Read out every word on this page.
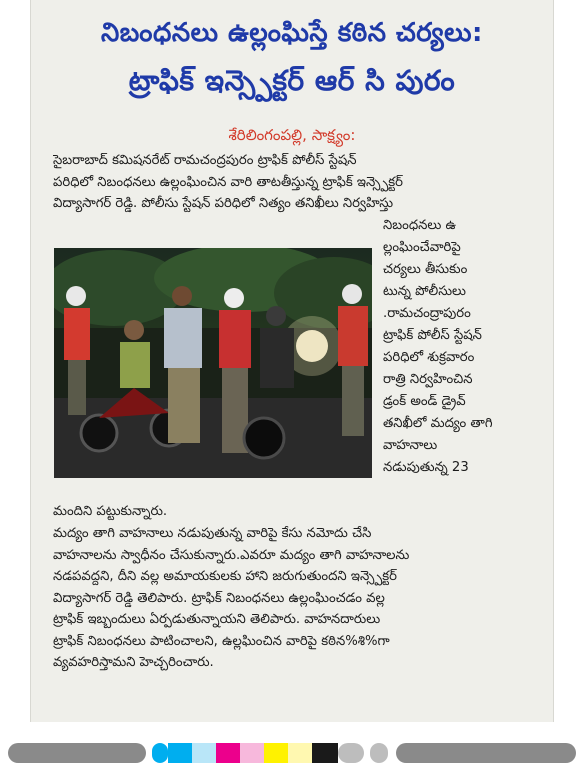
నిబంధనలు ఉల్లంఘిస్తే కఠిన చర్యలు:
ట్రాఫిక్ ఇన్స్పెక్టర్ ఆర్ సి పురం
శేరిలింగంపల్లి, సాక్ష్యం:
సైబరాబాద్ కమిషనరేట్ రామచంద్రపురం ట్రాఫిక్ పోలీస్ స్టేషన్
పరిధిలో నిబంధనలు ఉల్లంఘించిన వారి తాటతీస్తున్న ట్రాఫిక్ ఇన్స్పెక్టర్
విద్యాసాగర్ రెడ్డి. పోలీసు స్టేషన్ పరిధిలో నిత్యం తనిఖీలు నిర్వహిస్తు
నిబంధనలు ఉ
ల్లంఘించేవారిపై
చర్యలు తీసుకుం
టున్న పోలీసులు
.రామచంద్రాపురం
ట్రాఫిక్ పోలీస్ స్టేషన్
పరిధిలో శుక్రవారం
రాత్రి నిర్వహించిన
డ్రంక్ అండ్ డ్రైవ్
తనిఖీలో మద్యం తాగి
వాహనాలు
నడుపుతున్న 23
మందిని పట్టుకున్నారు.
మద్యం తాగి వాహనాలు నడుపుతున్న వారిపై కేసు నమోదు చేసి
వాహనాలను స్వాధీనం చేసుకున్నారు.ఎవరూ మద్యం తాగి వాహనాలను
నడపవద్దని, దీని వల్ల అమాయకులకు హాని జరుగుతుందని ఇన్స్పెక్టర్
విద్యాసాగర్ రెడ్డి తెలిపారు. ట్రాఫిక్ నిబంధనలు ఉల్లంఘించడం వల్ల
ట్రాఫిక్ ఇబ్బందులు ఏర్పడుతున్నాయని తెలిపారు. వాహనదారులు
ట్రాఫిక్ నిబంధనలు పాటించాలని, ఉల్లఘించిన వారిపై కఠిన%శి%గా
వ్యవహరిస్తామని హెచ్చరించారు.
